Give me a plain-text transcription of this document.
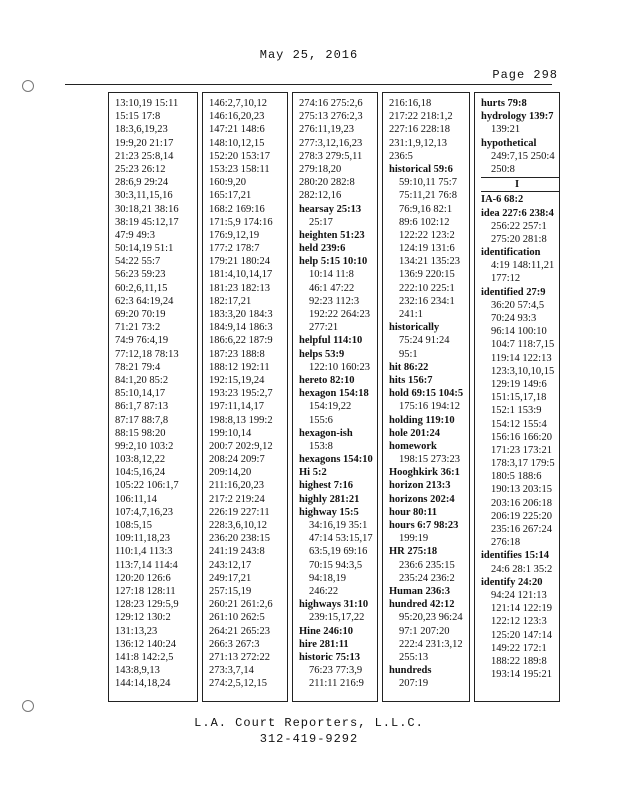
May 25, 2016
Page 298
13:10,19 15:11
15:15 17:8
18:3,6,19,23
19:9,20 21:17
21:23 25:8,14
25:23 26:12
28:6,9 29:24
30:3,11,15,16
30:18,21 38:16
38:19 45:12,17
47:9 49:3
50:14,19 51:1
54:22 55:7
56:23 59:23
60:2,6,11,15
62:3 64:19,24
69:20 70:19
71:21 73:2
74:9 76:4,19
77:12,18 78:13
78:21 79:4
84:1,20 85:2
85:10,14,17
86:1,7 87:13
87:17 88:7,8
88:15 98:20
99:2,10 103:2
103:8,12,22
104:5,16,24
105:22 106:1,7
106:11,14
107:4,7,16,23
108:5,15
109:11,18,23
110:1,4 113:3
113:7,14 114:4
120:20 126:6
127:18 128:11
128:23 129:5,9
129:12 130:2
131:13,23
136:12 140:24
141:8 142:2,5
143:8,9,13
144:14,18,24
146:2,7,10,12
146:16,20,23
147:21 148:6
148:10,12,15
152:20 153:17
153:23 158:11
160:9,20
165:17,21
168:2 169:16
171:5,9 174:16
176:9,12,19
177:2 178:7
179:21 180:24
181:4,10,14,17
181:23 182:13
182:17,21
183:3,20 184:3
184:9,14 186:3
186:6,22 187:9
187:23 188:8
188:12 192:11
192:15,19,24
193:23 195:2,7
197:11,14,17
198:8,13 199:2
199:10,14
200:7 202:9,12
208:24 209:7
209:14,20
211:16,20,23
217:2 219:24
226:19 227:11
228:3,6,10,12
236:20 238:15
241:19 243:8
243:12,17
249:17,21
257:15,19
260:21 261:2,6
261:10 262:5
264:21 265:23
266:3 267:3
271:13 272:22
273:3,7,14
274:2,5,12,15
274:16 275:2,6
275:13 276:2,3
276:11,19,23
277:3,12,16,23
278:3 279:5,11
279:18,20
280:20 282:8
282:12,16
hearsay 25:13
25:17
heighten 51:23
held 239:6
help 5:15 10:10
10:14 11:8
46:1 47:22
92:23 112:3
192:22 264:23
277:21
helpful 114:10
helps 53:9
122:10 160:23
hereto 82:10
hexagon 154:18
154:19,22
155:6
hexagon-ish
153:8
hexagons 154:10
Hi 5:2
highest 7:16
highly 281:21
highway 15:5
34:16,19 35:1
47:14 53:15,17
63:5,19 69:16
70:15 94:3,5
94:18,19
246:22
highways 31:10
239:15,17,22
Hine 246:10
hire 281:11
historic 75:13
76:23 77:3,9
211:11 216:9
216:16,18
217:22 218:1,2
227:16 228:18
231:1,9,12,13
236:5
historical 59:6
59:10,11 75:7
75:11,21 76:8
76:9,16 82:1
89:6 102:12
122:22 123:2
124:19 131:6
134:21 135:23
136:9 220:15
222:10 225:1
232:16 234:1
241:1
historically
75:24 91:24
95:1
hit 86:22
hits 156:7
hold 69:15 104:5
175:16 194:12
holding 119:10
hole 201:24
homework
198:15 273:23
Hooghkirk 36:1
horizon 213:3
horizons 202:4
hour 80:11
hours 6:7 98:23
199:19
HR 275:18
236:6 235:15
235:24 236:2
Human 236:3
hundred 42:12
95:20,23 96:24
97:1 207:20
222:4 231:3,12
255:13
hundreds
207:19
hurts 79:8
hydrology 139:7
139:21
hypothetical
249:7,15 250:4
250:8
I
IA-6 68:2
idea 227:6 238:4
256:22 257:1
275:20 281:8
identification
4:19 148:11,21
177:12
identified 27:9
36:20 57:4,5
70:24 93:3
96:14 100:10
104:7 118:7,15
119:14 122:13
123:3,10,10,15
129:19 149:6
151:15,17,18
152:1 153:9
154:12 155:4
156:16 166:20
171:23 173:21
178:3,17 179:5
180:5 188:6
190:13 203:15
203:16 206:18
206:19 225:20
235:16 267:24
276:18
identifies 15:14
24:6 28:1 35:2
identify 24:20
94:24 121:13
121:14 122:19
122:12 123:3
125:20 147:14
149:22 172:1
188:22 189:8
193:14 195:21
L.A. Court Reporters, L.L.C.
312-419-9292
